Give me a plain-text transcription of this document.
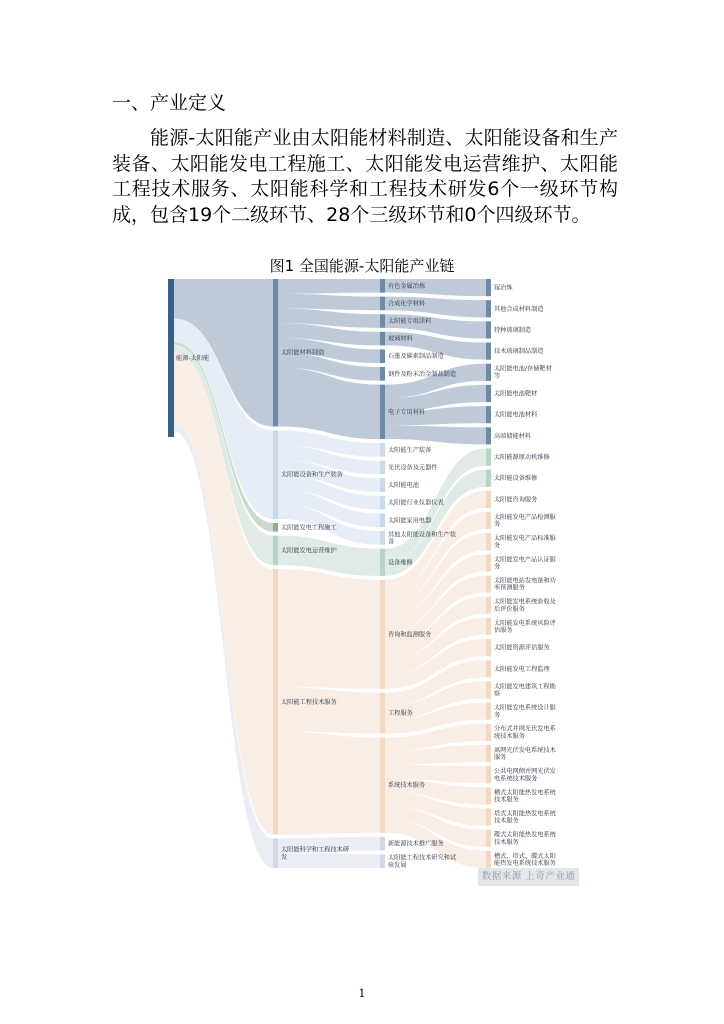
一、产业定义
能源-太阳能产业由太阳能材料制造、太阳能设备和生产装备、太阳能发电工程施工、太阳能发电运营维护、太阳能工程技术服务、太阳能科学和工程技术研发6个一级环节构成，包含19个二级环节、28个三级环节和0个四级环节。
图1 全国能源-太阳能产业链
能源-太阳能
太阳能材料制造
太阳能设备和生产装备
太阳能发电工程施工
太阳能发电运营维护
太阳能工程技术服务
太阳能科学和工程技术研
发
有色金属冶炼
合成化学材料
太阳能专用涂料
玻璃材料
石墨及碳素制品制造
钢件及粉末冶金制品制造
电子专用材料
太阳能生产装备
光伏设备及元器件
太阳能电池
太阳能行业仪器仪表
太阳能家用电器
其他太阳能设备和生产装
备
设备维修
咨询和监测服务
工程服务
系统技术服务
新能源技术推广服务
太阳能工程技术研究和试
验发展
镓冶炼
其他合成材料制造
特种玻璃制造
技术玻璃制品制造
太阳能电池/存储靶材
等
太阳能电池靶材
太阳能电池材料
高端储能材料
太阳能源原动机维修
太阳能设备维修
太阳能咨询服务
太阳能发电产品检测服
务
太阳能发电产品标准服
务
太阳能发电产品认证服
务
太阳能电站发电量和功
率预测服务
太阳能发电系统验收及
后评价服务
太阳能发电系统风险评
估服务
太阳能资源评估服务
太阳能发电工程监理
太阳能发电建筑工程勘
察
太阳能发电系统设计服
务
分布式并网光伏发电系
统技术服务
离网光伏发电系统技术
服务
公共电网侧并网光伏发
电系统技术服务
槽式太阳能热发电系统
技术服务
塔式太阳能热发电系统
技术服务
碟式太阳能热发电系统
技术服务
槽式、塔式、碟式太阳
能热发电系统技术服务
数据来源 上奇产业通
1
